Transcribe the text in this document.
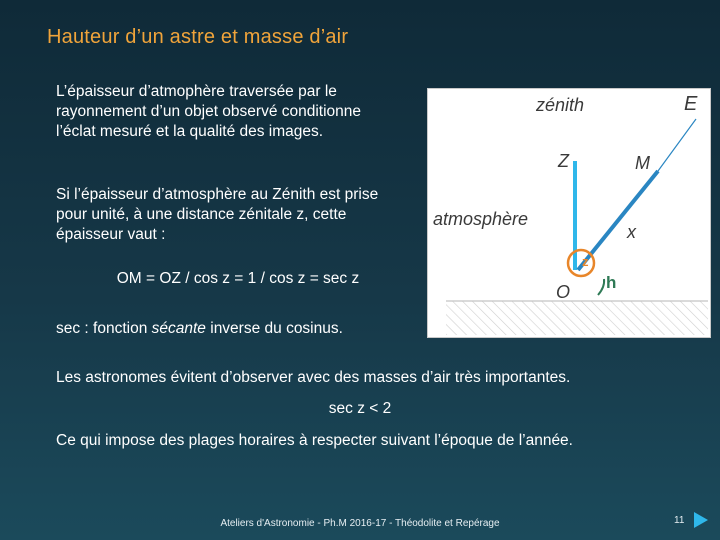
Hauteur d’un astre et masse d’air
L’épaisseur d’atmophère traversée par le rayonnement d’un objet observé conditionne l’éclat mesuré et la qualité des images.
Si l’épaisseur d’atmosphère au Zénith est prise pour unité, à une distance zénitale z, cette épaisseur vaut :
OM = OZ / cos z = 1 / cos z = sec z
sec : fonction sécante inverse du cosinus.
Les astronomes évitent d’observer avec des masses d’air très importantes.
sec z < 2
Ce qui impose des plages horaires à respecter suivant l’époque de l’année.
zénith	E
Z	M
atmosphère
x
z
h
O
Ateliers d'Astronomie - Ph.M 2016-17 - Théodolite et Repérage	11
